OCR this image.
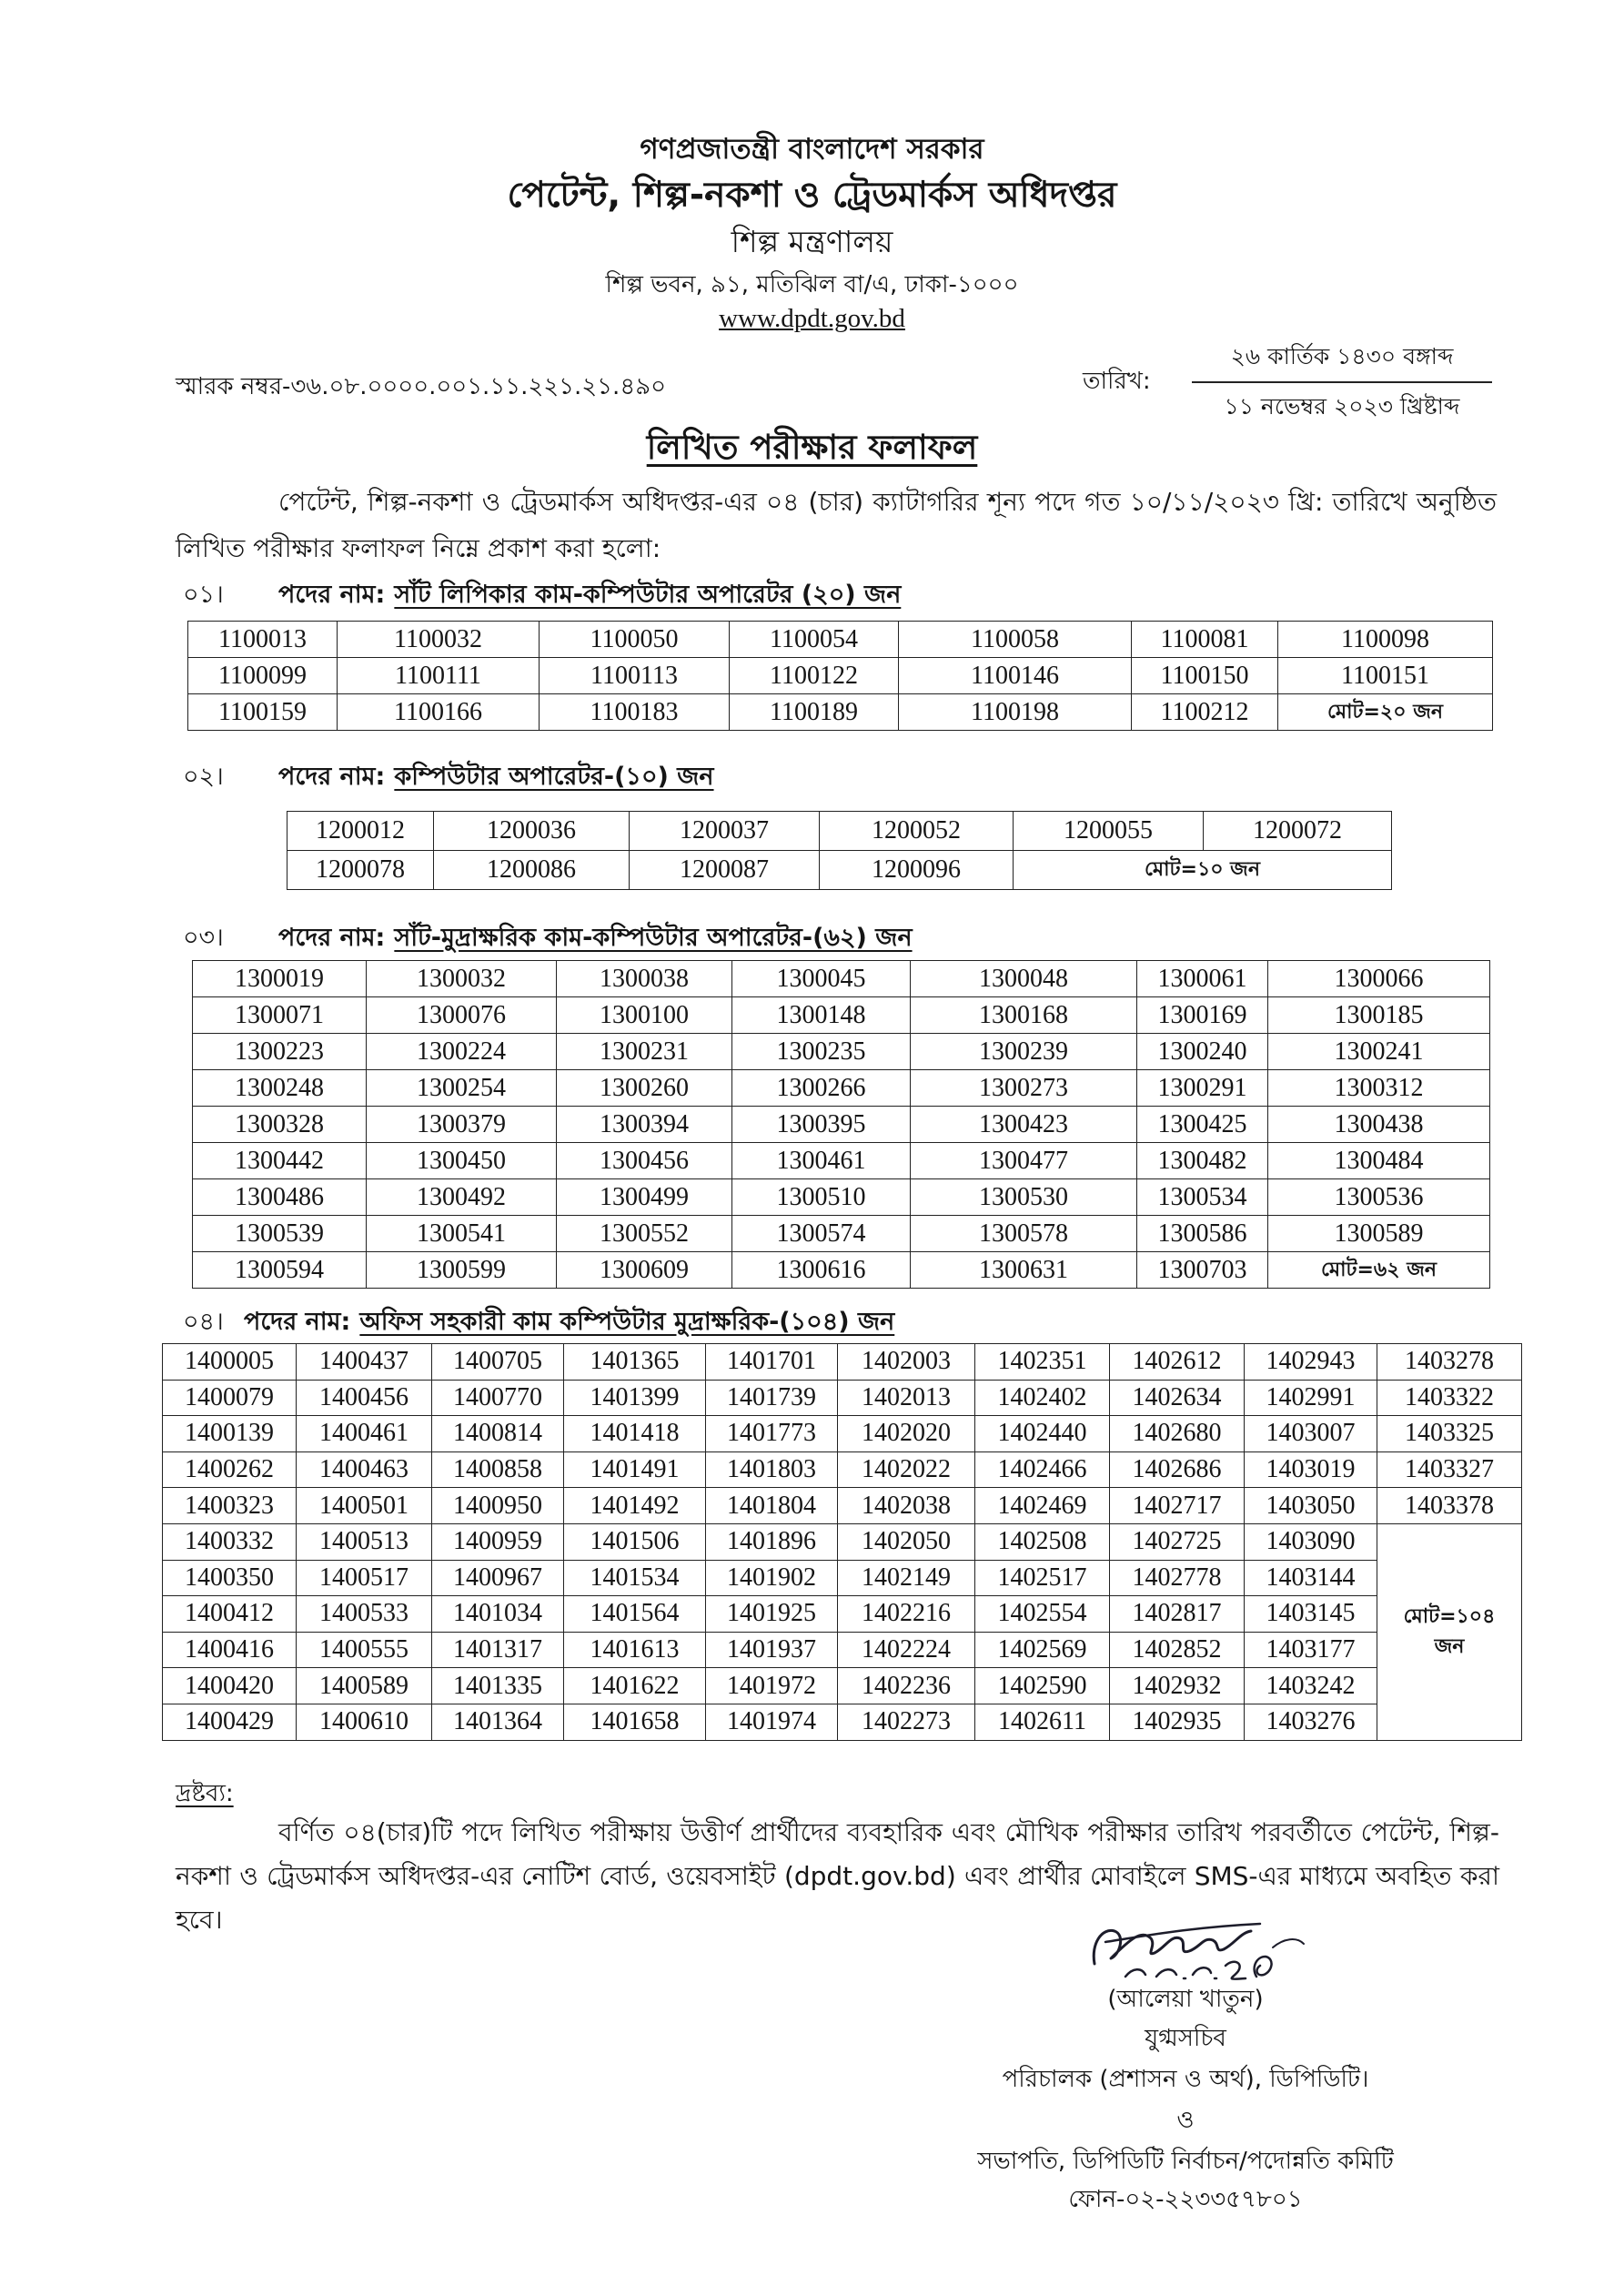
গণপ্রজাতন্ত্রী বাংলাদেশ সরকার
পেটেন্ট, শিল্প-নকশা ও ট্রেডমার্কস অধিদপ্তর
শিল্প মন্ত্রণালয়
শিল্প ভবন, ৯১, মতিঝিল বা/এ, ঢাকা-১০০০
www.dpdt.gov.bd
স্মারক নম্বর-৩৬.০৮.০০০০.০০১.১১.২২১.২১.৪৯০	তারিখ:
২৬ কার্তিক ১৪৩০ বঙ্গাব্দ
১১ নভেম্বর ২০২৩ খ্রিষ্টাব্দ
লিখিত পরীক্ষার ফলাফল

পেটেন্ট, শিল্প-নকশা ও ট্রেডমার্কস অধিদপ্তর-এর ০৪ (চার) ক্যাটাগরির শূন্য পদে গত ১০/১১/২০২৩ খ্রি: তারিখে অনুষ্ঠিত লিখিত পরীক্ষার ফলাফল নিম্নে প্রকাশ করা হলো:

০১।	পদের নাম: সাঁট লিপিকার কাম-কম্পিউটার অপারেটর (২০) জন
1100013	1100032	1100050	1100054	1100058	1100081	1100098
1100099	1100111	1100113	1100122	1100146	1100150	1100151
1100159	1100166	1100183	1100189	1100198	1100212	মোট=২০ জন
০২।	পদের নাম: কম্পিউটার অপারেটর-(১০) জন
1200012	1200036	1200037	1200052	1200055	1200072
1200078	1200086	1200087	1200096	মোট=১০ জন	
০৩।	পদের নাম: সাঁট-মুদ্রাক্ষরিক কাম-কম্পিউটার অপারেটর-(৬২) জন
1300019	1300032	1300038	1300045	1300048	1300061	1300066
1300071	1300076	1300100	1300148	1300168	1300169	1300185
1300223	1300224	1300231	1300235	1300239	1300240	1300241
1300248	1300254	1300260	1300266	1300273	1300291	1300312
1300328	1300379	1300394	1300395	1300423	1300425	1300438
1300442	1300450	1300456	1300461	1300477	1300482	1300484
1300486	1300492	1300499	1300510	1300530	1300534	1300536
1300539	1300541	1300552	1300574	1300578	1300586	1300589
1300594	1300599	1300609	1300616	1300631	1300703	মোট=৬২ জন
০৪। পদের নাম: অফিস সহকারী কাম কম্পিউটার মুদ্রাক্ষরিক-(১০৪) জন
1400005	1400437	1400705	1401365	1401701	1402003	1402351	1402612	1402943	1403278
1400079	1400456	1400770	1401399	1401739	1402013	1402402	1402634	1402991	1403322
1400139	1400461	1400814	1401418	1401773	1402020	1402440	1402680	1403007	1403325
1400262	1400463	1400858	1401491	1401803	1402022	1402466	1402686	1403019	1403327
1400323	1400501	1400950	1401492	1401804	1402038	1402469	1402717	1403050	1403378
1400332	1400513	1400959	1401506	1401896	1402050	1402508	1402725	1403090	মোট=১০৪ জন
1400350	1400517	1400967	1401534	1401902	1402149	1402517	1402778	1403144	
1400412	1400533	1401034	1401564	1401925	1402216	1402554	1402817	1403145	
1400416	1400555	1401317	1401613	1401937	1402224	1402569	1402852	1403177	
1400420	1400589	1401335	1401622	1401972	1402236	1402590	1402932	1403242	
1400429	1400610	1401364	1401658	1401974	1402273	1402611	1402935	1403276	
দ্রষ্টব্য:

বর্ণিত ০৪(চার)টি পদে লিখিত পরীক্ষায় উত্তীর্ণ প্রার্থীদের ব্যবহারিক এবং মৌখিক পরীক্ষার তারিখ পরবর্তীতে পেটেন্ট, শিল্প-নকশা ও ট্রেডমার্কস অধিদপ্তর-এর নোটিশ বোর্ড, ওয়েবসাইট (dpdt.gov.bd) এবং প্রার্থীর মোবাইলে SMS-এর মাধ্যমে অবহিত করা হবে।

(আলেয়া খাতুন)
যুগ্মসচিব
পরিচালক (প্রশাসন ও অর্থ), ডিপিডিটি।
ও
সভাপতি, ডিপিডিটি নির্বাচন/পদোন্নতি কমিটি
ফোন-০২-২২৩৩৫৭৮০১
